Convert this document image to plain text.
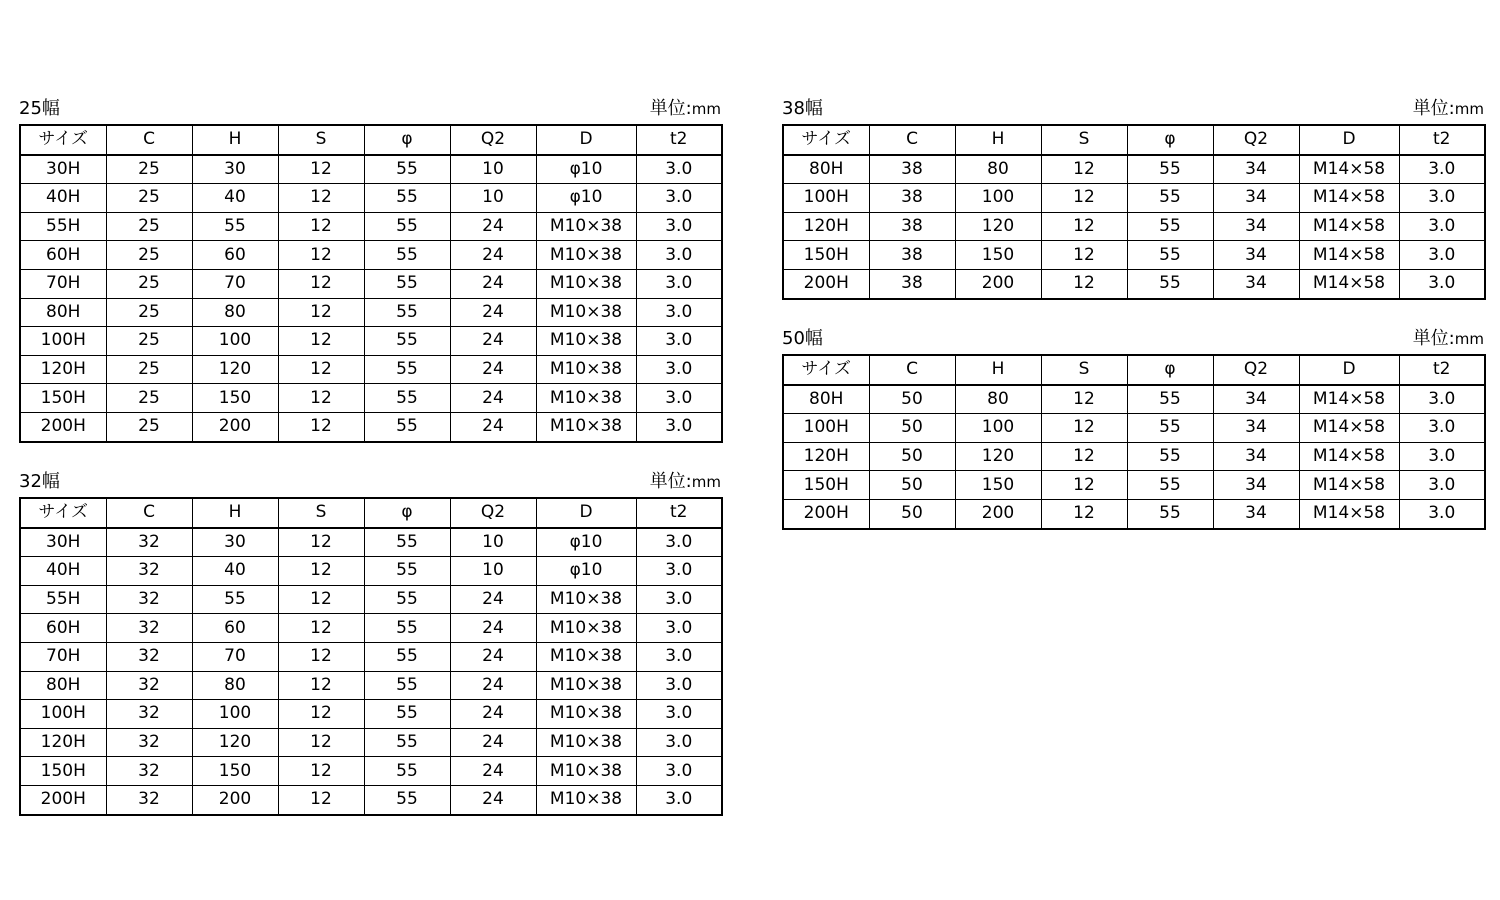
25幅	単位:mm
サイズ	C	H	S	φ	Q2	D	t2
30H	25	30	12	55	10	φ10	3.0
40H	25	40	12	55	10	φ10	3.0
55H	25	55	12	55	24	M10×38	3.0
60H	25	60	12	55	24	M10×38	3.0
70H	25	70	12	55	24	M10×38	3.0
80H	25	80	12	55	24	M10×38	3.0
100H	25	100	12	55	24	M10×38	3.0
120H	25	120	12	55	24	M10×38	3.0
150H	25	150	12	55	24	M10×38	3.0
200H	25	200	12	55	24	M10×38	3.0
32幅	単位:mm
サイズ	C	H	S	φ	Q2	D	t2
30H	32	30	12	55	10	φ10	3.0
40H	32	40	12	55	10	φ10	3.0
55H	32	55	12	55	24	M10×38	3.0
60H	32	60	12	55	24	M10×38	3.0
70H	32	70	12	55	24	M10×38	3.0
80H	32	80	12	55	24	M10×38	3.0
100H	32	100	12	55	24	M10×38	3.0
120H	32	120	12	55	24	M10×38	3.0
150H	32	150	12	55	24	M10×38	3.0
200H	32	200	12	55	24	M10×38	3.0
38幅	単位:mm
サイズ	C	H	S	φ	Q2	D	t2
80H	38	80	12	55	34	M14×58	3.0
100H	38	100	12	55	34	M14×58	3.0
120H	38	120	12	55	34	M14×58	3.0
150H	38	150	12	55	34	M14×58	3.0
200H	38	200	12	55	34	M14×58	3.0
50幅	単位:mm
サイズ	C	H	S	φ	Q2	D	t2
80H	50	80	12	55	34	M14×58	3.0
100H	50	100	12	55	34	M14×58	3.0
120H	50	120	12	55	34	M14×58	3.0
150H	50	150	12	55	34	M14×58	3.0
200H	50	200	12	55	34	M14×58	3.0
